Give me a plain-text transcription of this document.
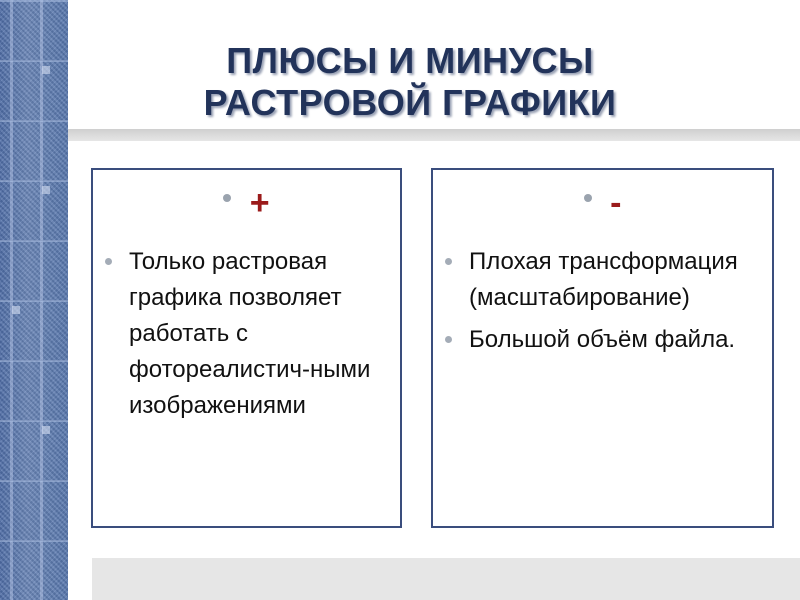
ПЛЮСЫ И МИНУСЫ
РАСТРОВОЙ ГРАФИКИ
+
Только растровая графика позволяет работать с фотореалистич-ными изображениями
-
Плохая трансформация (масштабирование)
Большой объём файла.
